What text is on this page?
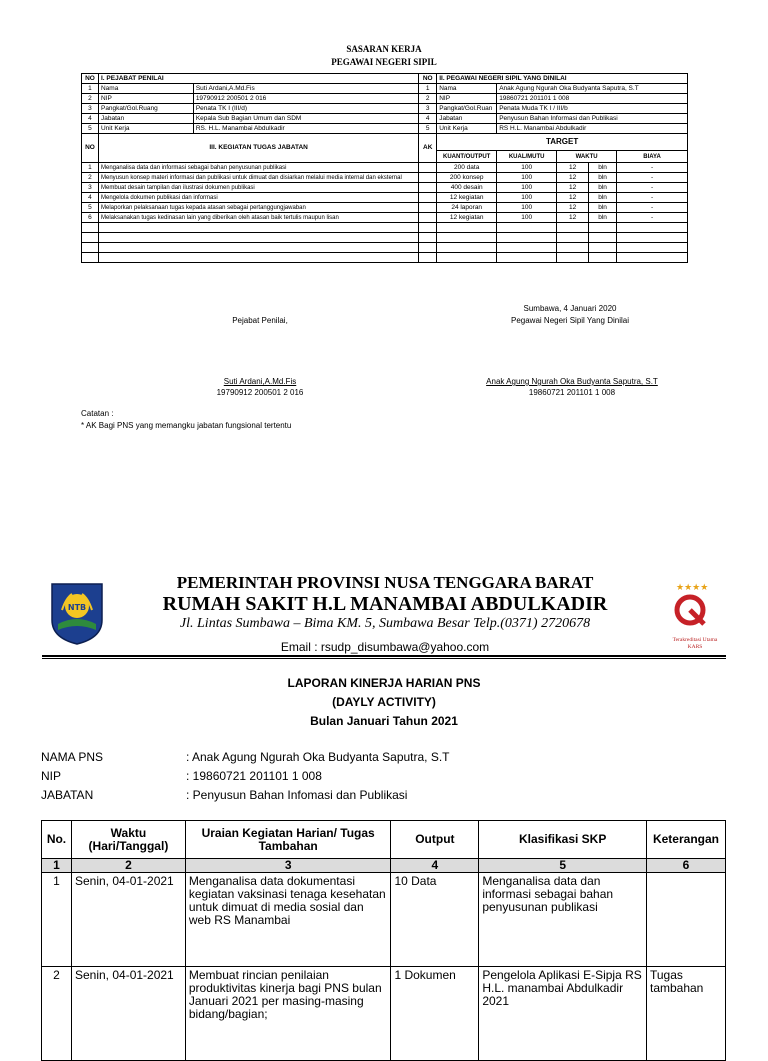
SASARAN KERJA
PEGAWAI NEGERI SIPIL
NO	I. PEJABAT PENILAI		NO	II. PEGAWAI NEGERI SIPIL YANG DINILAI				
1	Nama	Suti Ardani,A.Md.Fis	1	Nama	Anak Agung Ngurah Oka Budyanta Saputra, S.T			
2	NIP	19790912 200501 2 016	2	NIP	19860721 201101 1 008			
3	Pangkat/Gol.Ruang	Penata TK I (III/d)	3	Pangkat/Gol.Ruan	Penata Muda TK I / III/b			
4	Jabatan	Kepala Sub Bagian Umum dan SDM	4	Jabatan	Penyusun Bahan Informasi dan Publikasi			
5	Unit Kerja	RS. H.L. Manambai Abdulkadir	5	Unit Kerja	RS H.L. Manambai Abdulkadir			
NO	III. KEGIATAN TUGAS JABATAN		AK	TARGET				
				KUANT/OUTPUT	KUAL/MUTU	WAKTU		BIAYA
1	Menganalisa data dan informasi sebagai bahan penyusunan publikasi			200 data	100	12	bln	-
2	Menyusun konsep materi informasi dan publikasi untuk dimuat dan disiarkan melalui media internal dan eksternal			200 konsep	100	12	bln	-
3	Membuat desain tampilan dan ilustrasi dokumen publikasi			400 desain	100	12	bln	-
4	Mengelola dokumen publikasi dan informasi			12 kegiatan	100	12	bln	-
5	Melaporkan pelaksanaan tugas kepada atasan sebagai pertanggungjawaban			24 laporan	100	12	bln	-
6	Melaksanakan tugas kedinasan lain yang diberikan oleh atasan baik tertulis maupun lisan			12 kegiatan	100	12	bln	-

Sumbawa, 4 Januari 2020
Pejabat Penilai,	Pegawai Negeri Sipil Yang Dinilai
Suti Ardani,A.Md.Fis
19790912 200501 2 016
Anak Agung Ngurah Oka Budyanta Saputra, S.T
19860721 201101 1 008
Catatan :
* AK Bagi PNS yang memangku jabatan fungsional tertentu
NTB
PEMERINTAH PROVINSI NUSA TENGGARA BARAT
RUMAH SAKIT H.L MANAMBAI ABDULKADIR
Jl. Lintas Sumbawa – Bima KM. 5, Sumbawa Besar Telp.(0371) 2720678
Email : rsudp_disumbawa@yahoo.com
★★★★
Terakreditasi Utama
KARS
LAPORAN KINERJA HARIAN PNS
(DAYLY ACTIVITY)
Bulan Januari Tahun 2021
NAMA PNS	: Anak Agung Ngurah Oka Budyanta Saputra, S.T
NIP	: 19860721 201101 1 008
JABATAN	: Penyusun Bahan Infomasi dan Publikasi
No.	Waktu (Hari/Tanggal)	Uraian Kegiatan Harian/ Tugas Tambahan	Output	Klasifikasi SKP	Keterangan
1	2	3	4	5	6
1	Senin, 04-01-2021	Menganalisa data dokumentasi kegiatan vaksinasi tenaga kesehatan untuk dimuat di media sosial dan web RS Manambai	10 Data	Menganalisa data dan informasi sebagai bahan penyusunan publikasi	
2	Senin, 04-01-2021	Membuat rincian penilaian produktivitas kinerja bagi PNS bulan Januari 2021 per masing-masing bidang/bagian;	1 Dokumen	Pengelola Aplikasi E-Sipja RS H.L. manambai Abdulkadir 2021	Tugas tambahan
